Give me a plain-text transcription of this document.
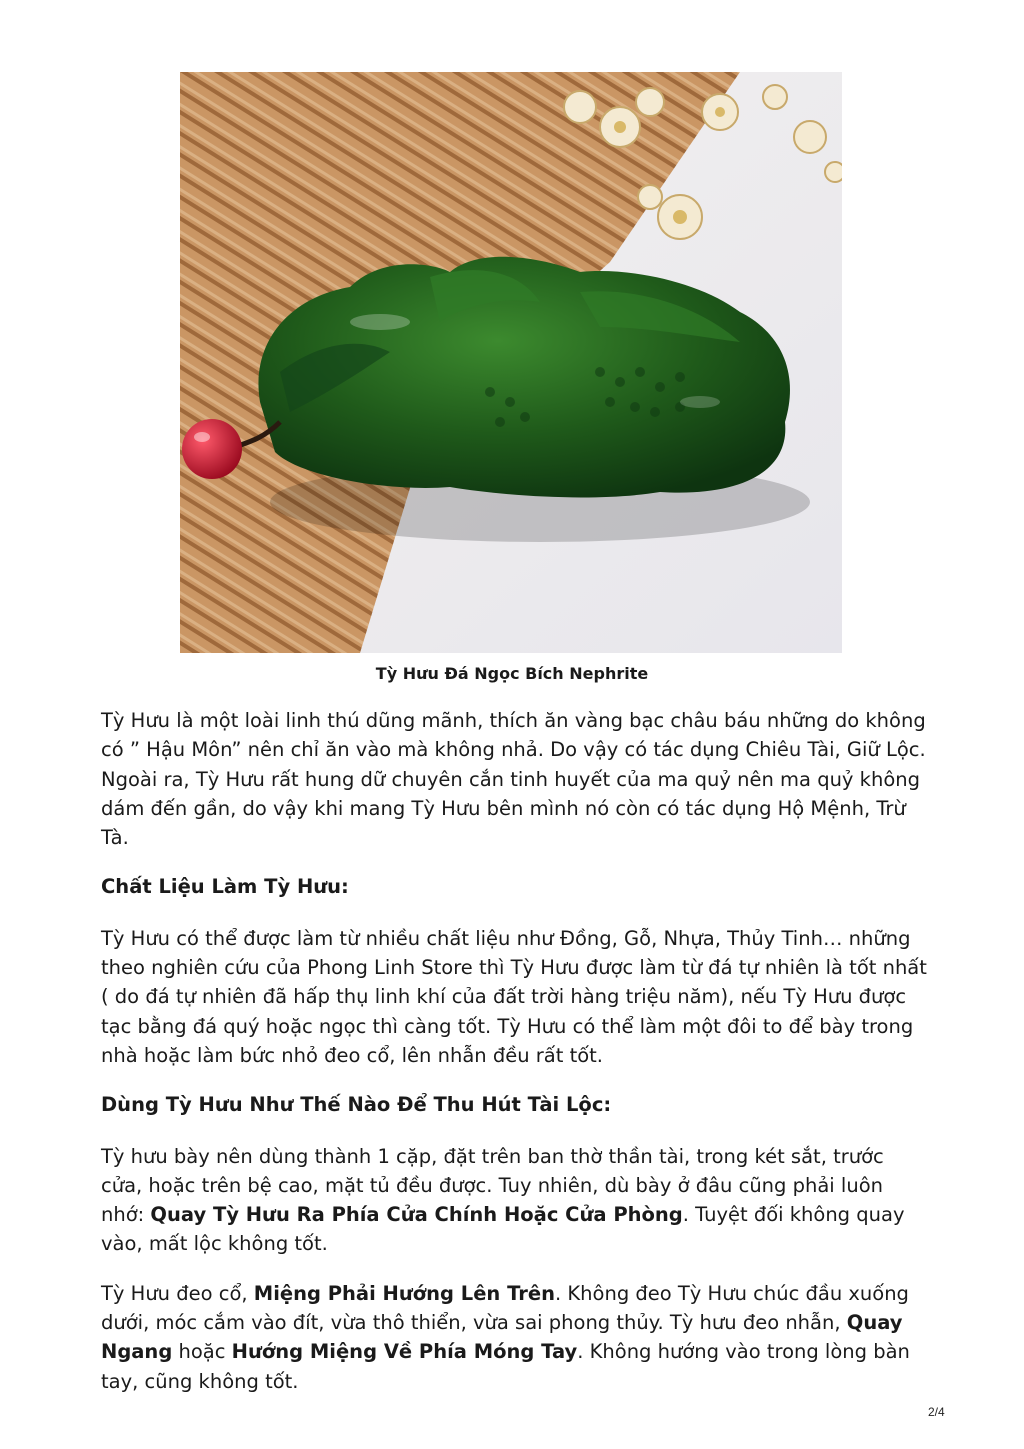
Tỳ Hưu Đá Ngọc Bích Nephrite

Tỳ Hưu là một loài linh thú dũng mãnh, thích ăn vàng bạc châu báu những do không có ” Hậu Môn” nên chỉ ăn vào mà không nhả. Do vậy có tác dụng Chiêu Tài, Giữ Lộc. Ngoài ra, Tỳ Hưu rất hung dữ chuyên cắn tinh huyết của ma quỷ nên ma quỷ không dám đến gần, do vậy khi mang Tỳ Hưu bên mình nó còn có tác dụng Hộ Mệnh, Trừ Tà.

Chất Liệu Làm Tỳ Hưu:

Tỳ Hưu có thể được làm từ nhiều chất liệu như Đồng, Gỗ, Nhựa, Thủy Tinh… những theo nghiên cứu của Phong Linh Store thì Tỳ Hưu được làm từ đá tự nhiên là tốt nhất ( do đá tự nhiên đã hấp thụ linh khí của đất trời hàng triệu năm), nếu Tỳ Hưu được tạc bằng đá quý hoặc ngọc thì càng tốt. Tỳ Hưu có thể làm một đôi to để bày trong nhà hoặc làm bức nhỏ đeo cổ, lên nhẫn đều rất tốt.

Dùng Tỳ Hưu Như Thế Nào Để Thu Hút Tài Lộc:

Tỳ hưu bày nên dùng thành 1 cặp, đặt trên ban thờ thần tài, trong két sắt, trước cửa, hoặc trên bệ cao, mặt tủ đều được. Tuy nhiên, dù bày ở đâu cũng phải luôn nhớ: Quay Tỳ Hưu Ra Phía Cửa Chính Hoặc Cửa Phòng. Tuyệt đối không quay vào, mất lộc không tốt.

Tỳ Hưu đeo cổ, Miệng Phải Hướng Lên Trên. Không đeo Tỳ Hưu chúc đầu xuống dưới, móc cắm vào đít, vừa thô thiển, vừa sai phong thủy. Tỳ hưu đeo nhẫn, Quay Ngang hoặc Hướng Miệng Về Phía Móng Tay. Không hướng vào trong lòng bàn tay, cũng không tốt.

2/4
